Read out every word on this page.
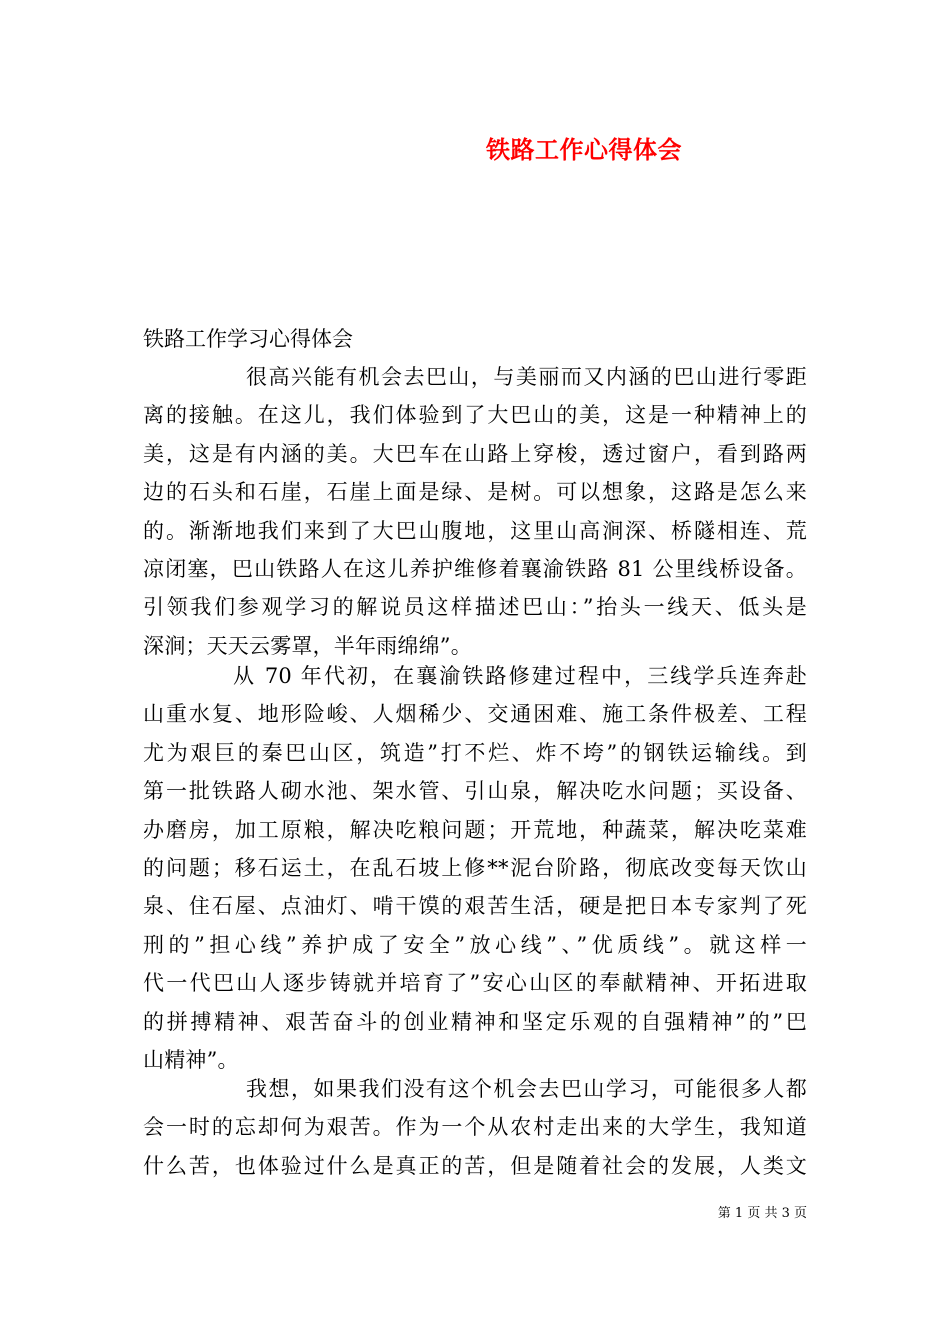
铁路工作心得体会

铁路工作学习心得体会

很高兴能有机会去巴山，与美丽而又内涵的巴山进行零距
离的接触。在这儿，我们体验到了大巴山的美，这是一种精神上的
美，这是有内涵的美。大巴车在山路上穿梭，透过窗户，看到路两
边的石头和石崖，石崖上面是绿、是树。可以想象，这路是怎么来
的。渐渐地我们来到了大巴山腹地，这里山高涧深、桥隧相连、荒
凉闭塞，巴山铁路人在这儿养护维修着襄渝铁路 81 公里线桥设备。
引领我们参观学习的解说员这样描述巴山：”抬头一线天、低头是
深涧；天天云雾罩，半年雨绵绵”。
从 70 年代初，在襄渝铁路修建过程中，三线学兵连奔赴
山重水复、地形险峻、人烟稀少、交通困难、施工条件极差、工程
尤为艰巨的秦巴山区，筑造”打不烂、炸不垮”的钢铁运输线。到
第一批铁路人砌水池、架水管、引山泉，解决吃水问题；买设备、
办磨房，加工原粮，解决吃粮问题；开荒地，种蔬菜，解决吃菜难
的问题；移石运土，在乱石坡上修**泥台阶路，彻底改变每天饮山
泉、住石屋、点油灯、啃干馍的艰苦生活，硬是把日本专家判了死
刑的”担心线”养护成了安全”放心线”、”优质线”。就这样一
代一代巴山人逐步铸就并培育了”安心山区的奉献精神、开拓进取
的拼搏精神、艰苦奋斗的创业精神和坚定乐观的自强精神”的”巴
山精神”。
我想，如果我们没有这个机会去巴山学习，可能很多人都
会一时的忘却何为艰苦。作为一个从农村走出来的大学生，我知道
什么苦，也体验过什么是真正的苦，但是随着社会的发展，人类文
第 1 页 共 3 页
